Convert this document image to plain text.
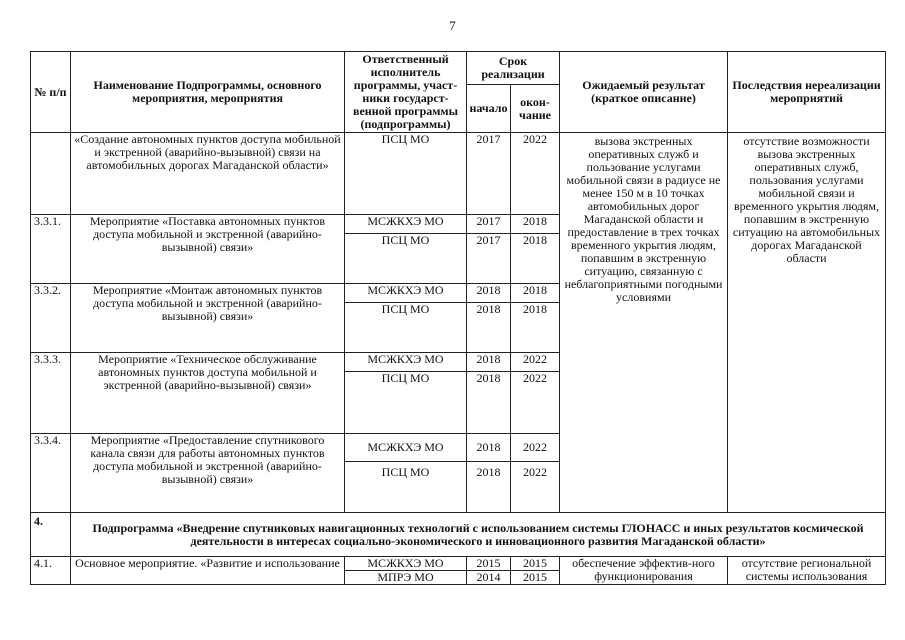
7
№ п/п	Наименование Подпрограммы, основного мероприятия, мероприятия	Ответственный исполнитель программы, участ-ники государст-венной программы (подпрограммы)	Срок реализации		Ожидаемый результат (краткое описание)	Последствия нереализации мероприятий
			начало	окон-чание		
	«Создание автономных пунктов доступа мобильной и экстренной (аварийно-вызывной) связи на автомобильных дорогах Магаданской области»	ПСЦ МО	2017	2022	вызова экстренных оперативных служб и пользование услугами мобильной связи в радиусе не менее 150 м в 10 точках автомобильных дорог Магаданской области и предоставление в трех точках временного укрытия людям, попавшим в экстренную ситуацию, связанную с неблагоприятными погодными условиями	отсутствие возможности вызова экстренных оперативных служб, пользования услугами мобильной связи и временного укрытия людям, попавшим в экстренную ситуацию на автомобильных дорогах Магаданской области
3.3.1.	Мероприятие «Поставка автономных пунктов доступа мобильной и экстренной (аварийно-вызывной) связи»	МСЖКХЭ МО	2017	2018		
		ПСЦ МО	2017	2018		
3.3.2.	Мероприятие «Монтаж автономных пунктов доступа мобильной и экстренной (аварийно-вызывной) связи»	МСЖКХЭ МО	2018	2018		
		ПСЦ МО	2018	2018		
3.3.3.	Мероприятие «Техническое обслуживание автономных пунктов доступа мобильной и экстренной (аварийно-вызывной) связи»	МСЖКХЭ МО	2018	2022		
		ПСЦ МО	2018	2022		
3.3.4.	Мероприятие «Предоставление спутникового канала связи для работы автономных пунктов доступа мобильной и экстренной (аварийно-вызывной) связи»	МСЖКХЭ МО	2018	2022		
		ПСЦ МО	2018	2022		
4.	Подпрограмма «Внедрение спутниковых навигационных технологий с использованием системы ГЛОНАСС и иных результатов космической деятельности в интересах социально-экономического и инновационного развития Магаданской области»					
4.1.	Основное мероприятие. «Развитие и использование	МСЖКХЭ МО	2015	2015	обеспечение эффектив-ного функционирования	отсутствие региональной системы использования
		МПРЭ МО	2014	2015		
